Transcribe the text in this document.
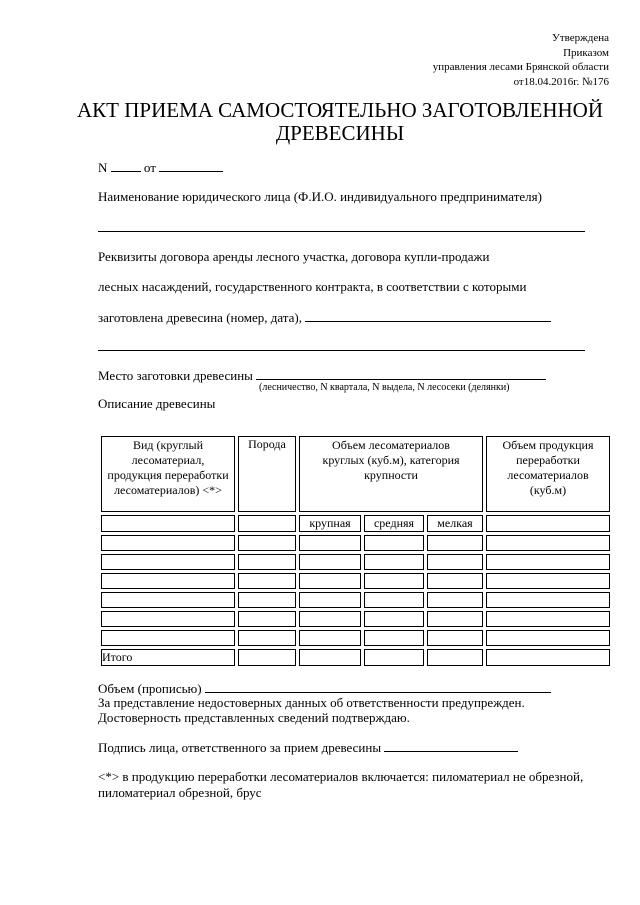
Утверждена
Приказом
управления лесами Брянской области
от18.04.2016г. №176
АКТ ПРИЕМА САМОСТОЯТЕЛЬНО ЗАГОТОВЛЕННОЙ
ДРЕВЕСИНЫ
N	от
Наименование юридического лица (Ф.И.О. индивидуального предпринимателя)
Реквизиты договора аренды лесного участка, договора купли-продажи
лесных насаждений, государственного контракта, в соответствии с которыми
заготовлена древесина (номер, дата),
Место заготовки древесины
(лесничество, N квартала, N выдела, N лесосеки (делянки)
Описание древесины
Вид (круглый лесоматериал, продукция переработки лесоматериалов) <*>	Порода	Объем лесоматериалов круглых (куб.м), категория крупности			Объем продукция переработки лесоматериалов (куб.м)
		крупная	средняя	мелкая	

Итого					
Объем (прописью)
За представление недостоверных данных об ответственности предупрежден.
Достоверность представленных сведений подтверждаю.
Подпись лица, ответственного за прием древесины
<*> в продукцию переработки лесоматериалов включается: пиломатериал не обрезной,
пиломатериал обрезной, брус
